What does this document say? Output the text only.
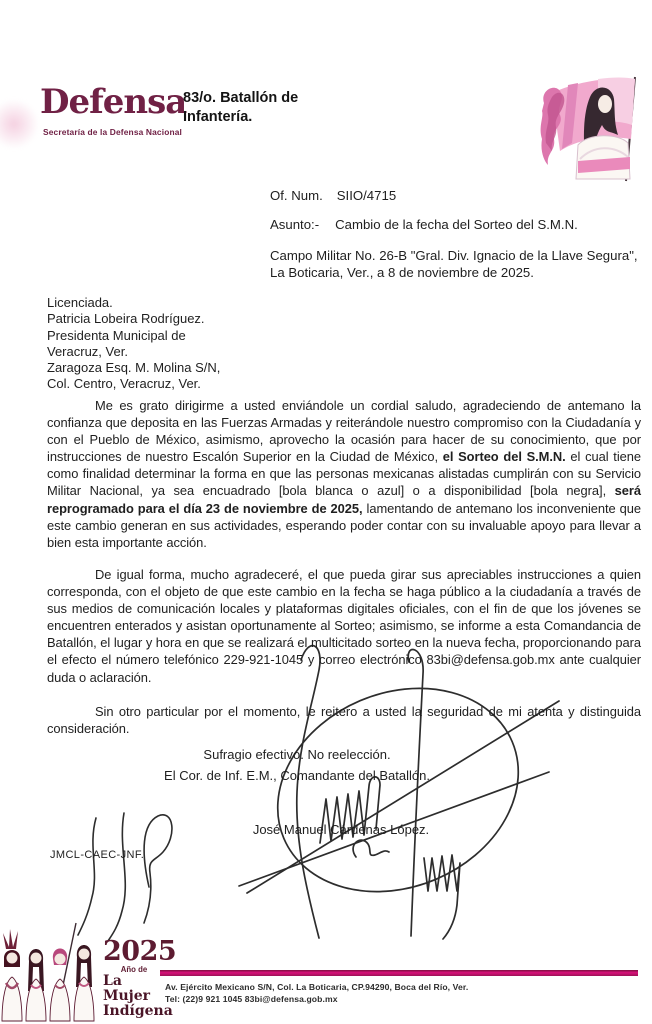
Defensa
Secretaría de la Defensa Nacional
83/o. Batallón de
Infantería.
Of. Num. SIIO/4715
Asunto:- Cambio de la fecha del Sorteo del S.M.N.
Campo Militar No. 26-B "Gral. Div. Ignacio de la Llave Segura",
La Boticaria, Ver., a 8 de noviembre de 2025.
Licenciada.
Patricia Lobeira Rodríguez.
Presidenta Municipal de
Veracruz, Ver.
Zaragoza Esq. M. Molina S/N,
Col. Centro, Veracruz, Ver.

Me es grato dirigirme a usted enviándole un cordial saludo, agradeciendo de antemano la confianza que deposita en las Fuerzas Armadas y reiterándole nuestro compromiso con la Ciudadanía y con el Pueblo de México, asimismo, aprovecho la ocasión para hacer de su conocimiento, que por instrucciones de nuestro Escalón Superior en la Ciudad de México, el Sorteo del S.M.N. el cual tiene como finalidad determinar la forma en que las personas mexicanas alistadas cumplirán con su Servicio Militar Nacional, ya sea encuadrado [bola blanca o azul] o a disponibilidad [bola negra], será reprogramado para el día 23 de noviembre de 2025, lamentando de antemano los inconveniente que este cambio generan en sus actividades, esperando poder contar con su invaluable apoyo para llevar a bien esta importante acción.

De igual forma, mucho agradeceré, el que pueda girar sus apreciables instrucciones a quien corresponda, con el objeto de que este cambio en la fecha se haga público a la ciudadanía a través de sus medios de comunicación locales y plataformas digitales oficiales, con el fin de que los jóvenes se encuentren enterados y asistan oportunamente al Sorteo; asimismo, se informe a esta Comandancia de Batallón, el lugar y hora en que se realizará el multicitado sorteo en la nueva fecha, proporcionando para el efecto el número telefónico 229-921-1045 y correo electrónico 83bi@defensa.gob.mx ante cualquier duda o aclaración.

Sin otro particular por el momento, le reitero a usted la seguridad de mi atenta y distinguida consideración.

Sufragio efectivo. No reelección.
El Cor. de Inf. E.M., Comandante del Batallón.
José Manuel Cárdenas López.
JMCL-CAEC-JNF.
2025
Año de
La Mujer
Indígena
Av. Ejército Mexicano S/N, Col. La Boticaria, CP.94290, Boca del Río, Ver.
Tel: (22)9 921 1045 83bi@defensa.gob.mx
